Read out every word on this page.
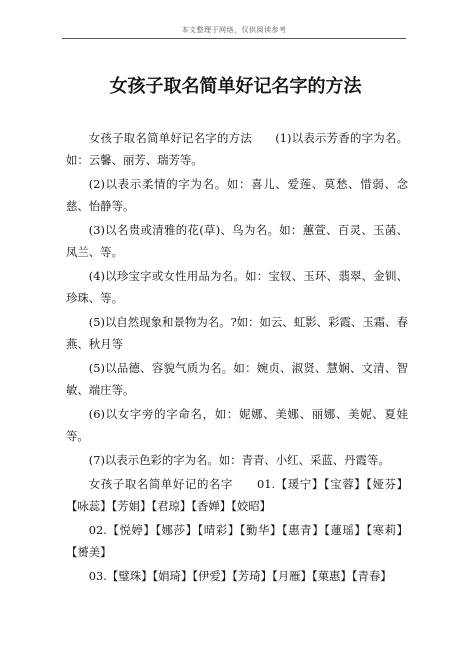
本文整理于网络，仅供阅读参考
女孩子取名简单好记名字的方法

女孩子取名简单好记名字的方法　　(1)以表示芳香的字为名。如：云馨、丽芳、瑞芳等。

(2)以表示柔情的字为名。如：喜儿、爱莲、莫愁、惜弱、念慈、怡静等。

(3)以名贵或清雅的花(草)、鸟为名。如：蕙萱、百灵、玉菡、凤兰、等。

(4)以珍宝字或女性用品为名。如：宝钗、玉环、翡翠、金钏、珍珠、等。

(5)以自然现象和景物为名。?如：如云、虹影、彩霞、玉霜、春燕、秋月等

(5)以品德、容貌气质为名。如：婉贞、淑贤、慧娴、文清、智敏、端庄等。

(6)以女字旁的字命名，如：妮娜、美娜、丽娜、美妮、夏娃等。

(7)以表示色彩的字为名。如：青青、小红、采蓝、丹霞等。

女孩子取名简单好记的名字　　01.【瑗宁】【宝蓉】【娅芬】【咏蕊】【芳娟】【君琼】【香婵】【姣昭】

02.【悦婷】【娜莎】【晴彩】【勤华】【惠青】【蓮瑶】【寒莉】【赟美】

03.【璧珠】【娟琦】【伊爱】【芳琦】【月雁】【菓惠】【青春】
